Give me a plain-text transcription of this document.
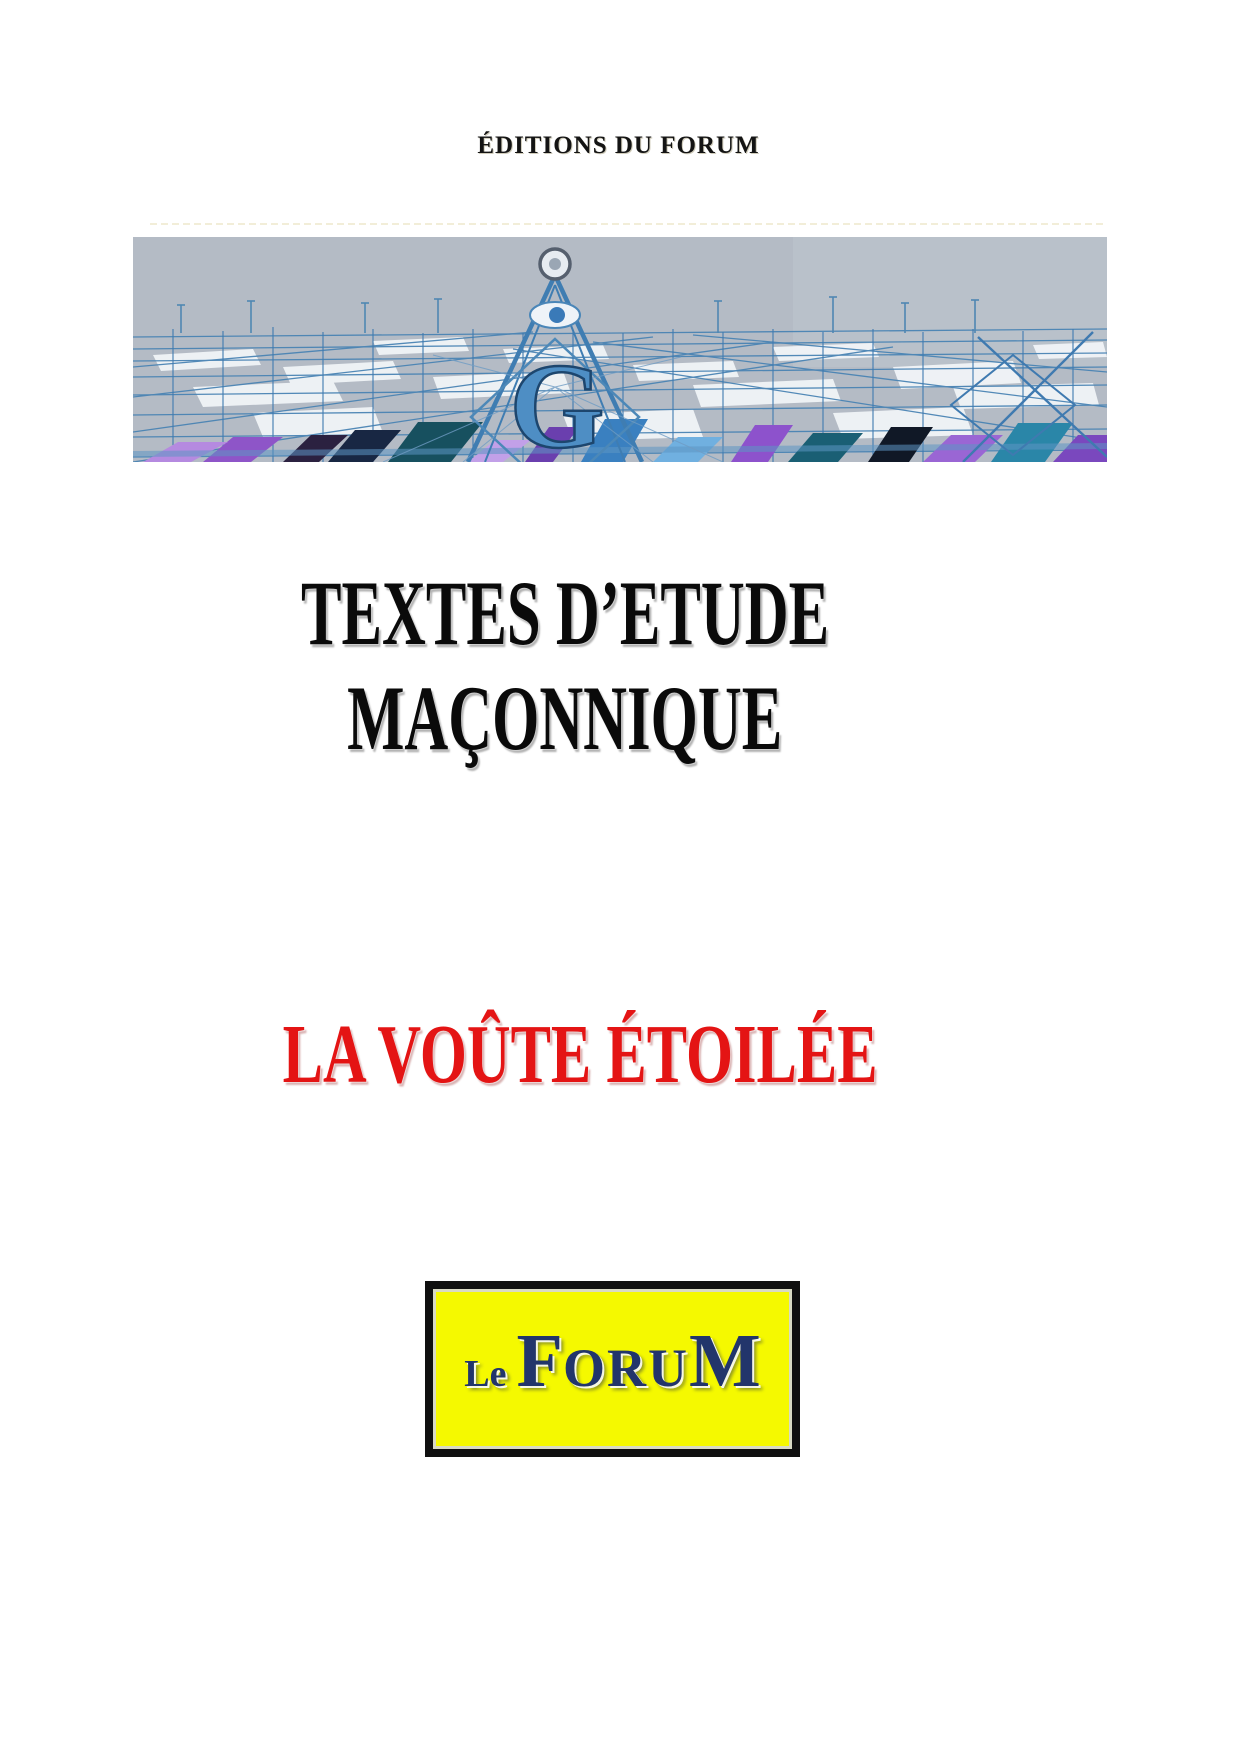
ÉDITIONS DU FORUM
G
TEXTES D’ETUDE
MAÇONNIQUE
LA VOÛTE ÉTOILÉE
Le FORUM
